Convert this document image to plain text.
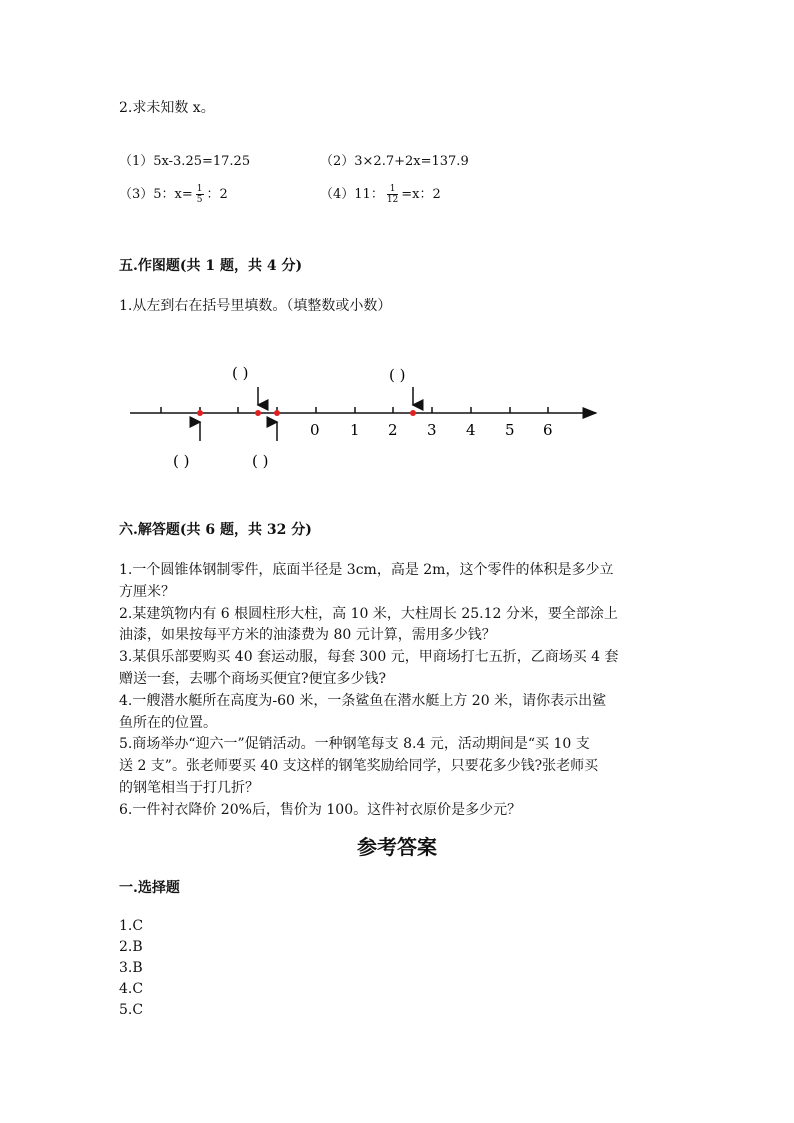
2.求未知数 x。
（1）5x-3.25=17.25	（2）3×2.7+2x=137.9
（3）5：$x= \frac{1}{5}$ ：2	（4）11： $\frac{1}{12} =x$：2
五.作图题(共 1 题，共 4 分)
1.从左到右在括号里填数。（填整数或小数）
0 1 2 3 4 5 6
( )	( )
( )	( )
六.解答题(共 6 题，共 32 分)
1.一个圆锥体钢制零件，底面半径是 3cm，高是 2m，这个零件的体积是多少立
方厘米？
2.某建筑物内有 6 根圆柱形大柱，高 10 米，大柱周长 25.12 分米，要全部涂上
油漆，如果按每平方米的油漆费为 80 元计算，需用多少钱？
3.某俱乐部要购买 40 套运动服，每套 300 元，甲商场打七五折，乙商场买 4 套
赠送一套，去哪个商场买便宜?便宜多少钱?
4.一艘潜水艇所在高度为-60 米，一条鲨鱼在潜水艇上方 20 米，请你表示出鲨
鱼所在的位置。
5.商场举办“迎六一”促销活动。一种钢笔每支 8.4 元，活动期间是“买 10 支
送 2 支”。张老师要买 40 支这样的钢笔奖励给同学，只要花多少钱?张老师买
的钢笔相当于打几折？
6.一件衬衣降价 20%后，售价为 100。这件衬衣原价是多少元？
参考答案
一.选择题
1.C
2.B
3.B
4.C
5.C
